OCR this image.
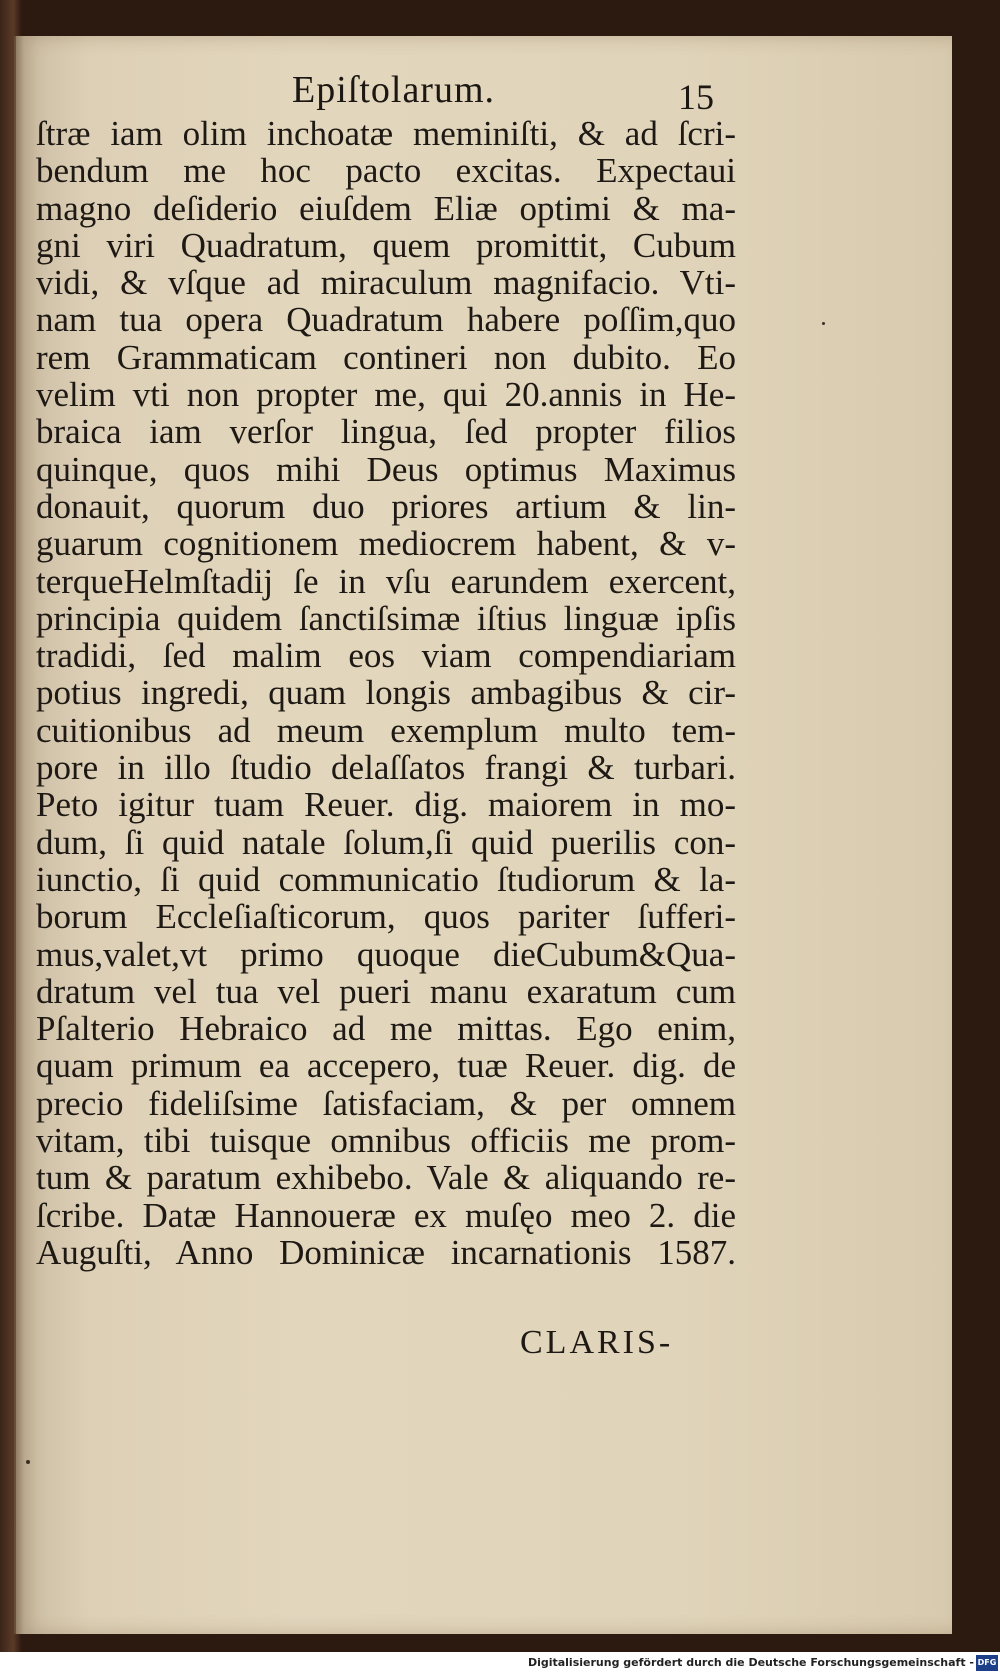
Epiſtolarum.	15
ſtræ iam olim inchoatæ meminiſti, & ad ſcri-
bendum me hoc pacto excitas. Expectaui
magno deſiderio eiuſdem Eliæ optimi & ma-
gni viri Quadratum, quem promittit, Cubum
vidi, & vſque ad miraculum magnifacio. Vti-
nam tua opera Quadratum habere poſſim,quo
rem Grammaticam contineri non dubito. Eo
velim vti non propter me, qui 20.annis in He-
braica iam verſor lingua, ſed propter filios
quinque, quos mihi Deus optimus Maximus
donauit, quorum duo priores artium & lin-
guarum cognitionem mediocrem habent, & v-
terqueHelmſtadij ſe in vſu earundem exercent,
principia quidem ſanctiſsimæ iſtius linguæ ipſis
tradidi, ſed malim eos viam compendiariam
potius ingredi, quam longis ambagibus & cir-
cuitionibus ad meum exemplum multo tem-
pore in illo ſtudio delaſſatos frangi & turbari.
Peto igitur tuam Reuer. dig. maiorem in mo-
dum, ſi quid natale ſolum,ſi quid puerilis con-
iunctio, ſi quid communicatio ſtudiorum & la-
borum Eccleſiaſticorum, quos pariter ſufferi-
mus,valet,vt primo quoque dieCubum&Qua-
dratum vel tua vel pueri manu exaratum cum
Pſalterio Hebraico ad me mittas. Ego enim,
quam primum ea accepero, tuæ Reuer. dig. de
precio fideliſsime ſatisfaciam, & per omnem
vitam, tibi tuisque omnibus officiis me prom-
tum & paratum exhibebo. Vale & aliquando re-
ſcribe. Datæ Hannoueræ ex muſęo meo 2. die
Auguſti, Anno Dominicæ incarnationis 1587.
CLARIS-
Digitalisierung gefördert durch die Deutsche Forschungsgemeinschaft - DFG
